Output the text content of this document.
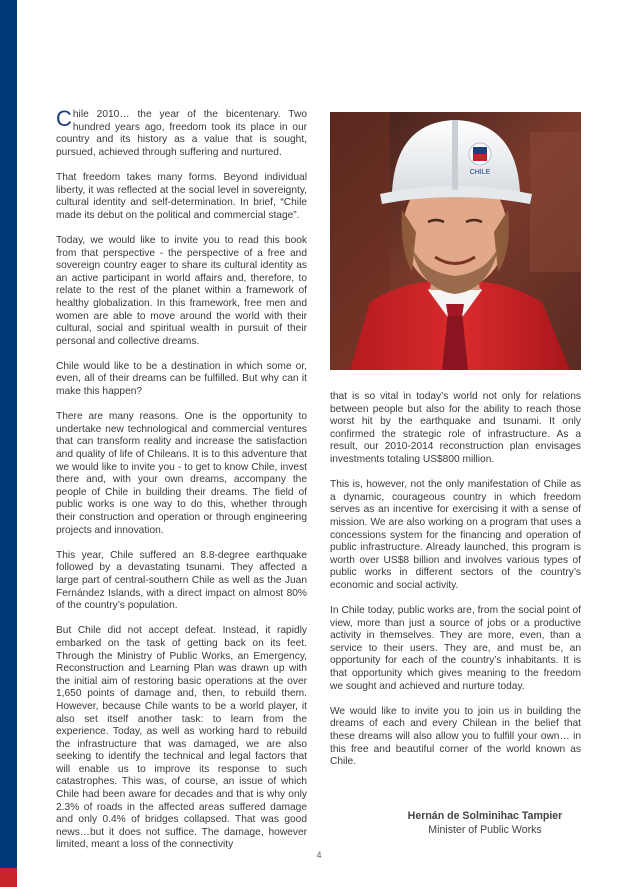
Chile 2010… the year of the bicentenary. Two hundred years ago, freedom took its place in our country and its history as a value that is sought, pursued, achieved through suffering and nurtured.

That freedom takes many forms. Beyond individual liberty, it was reflected at the social level in sovereignty, cultural identity and self-determination. In brief, “Chile made its debut on the political and commercial stage”.

Today, we would like to invite you to read this book from that perspective - the perspective of a free and sovereign country eager to share its cultural identity as an active participant in world affairs and, therefore, to relate to the rest of the planet within a framework of healthy globalization. In this framework, free men and women are able to move around the world with their cultural, social and spiritual wealth in pursuit of their personal and collective dreams.

Chile would like to be a destination in which some or, even, all of their dreams can be fulfilled. But why can it make this happen?

There are many reasons. One is the opportunity to undertake new technological and commercial ventures that can transform reality and increase the satisfaction and quality of life of Chileans. It is to this adventure that we would like to invite you - to get to know Chile, invest there and, with your own dreams, accompany the people of Chile in building their dreams. The field of public works is one way to do this, whether through their construction and operation or through engineering projects and innovation.

This year, Chile suffered an 8.8-degree earthquake followed by a devastating tsunami. They affected a large part of central-southern Chile as well as the Juan Fernández Islands, with a direct impact on almost 80% of the country’s population.

But Chile did not accept defeat. Instead, it rapidly embarked on the task of getting back on its feet. Through the Ministry of Public Works, an Emergency, Reconstruction and Learning Plan was drawn up with the initial aim of restoring basic operations at the over 1,650 points of damage and, then, to rebuild them. However, because Chile wants to be a world player, it also set itself another task: to learn from the experience. Today, as well as working hard to rebuild the infrastructure that was damaged, we are also seeking to identify the technical and legal factors that will enable us to improve its response to such catastrophes. This was, of course, an issue of which Chile had been aware for decades and that is why only 2.3% of roads in the affected areas suffered damage and only 0.4% of bridges collapsed. That was good news…but it does not suffice. The damage, however limited, meant a loss of the connectivity

CHILE

that is so vital in today’s world not only for relations between people but also for the ability to reach those worst hit by the earthquake and tsunami. It only confirmed the strategic role of infrastructure. As a result, our 2010-2014 reconstruction plan envisages investments totaling US$800 million.

This is, however, not the only manifestation of Chile as a dynamic, courageous country in which freedom serves as an incentive for exercising it with a sense of mission. We are also working on a program that uses a concessions system for the financing and operation of public infrastructure. Already launched, this program is worth over US$8 billion and involves various types of public works in different sectors of the country’s economic and social activity.

In Chile today, public works are, from the social point of view, more than just a source of jobs or a productive activity in themselves. They are more, even, than a service to their users. They are, and must be, an opportunity for each of the country’s inhabitants. It is that opportunity which gives meaning to the freedom we sought and achieved and nurture today.

We would like to invite you to join us in building the dreams of each and every Chilean in the belief that these dreams will also allow you to fulfill your own… in this free and beautiful corner of the world known as Chile.

Hernán de Solminihac Tampier
Minister of Public Works
4
